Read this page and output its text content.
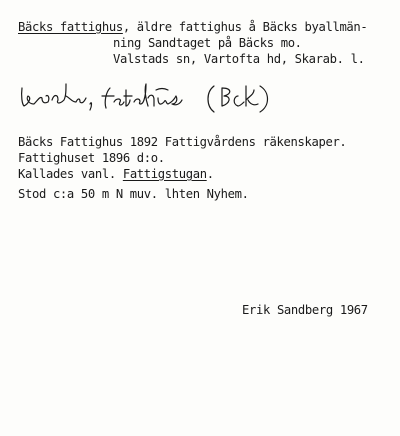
Bäcks fattighus, äldre fattighus å Bäcks byallmän-
ning Sandtaget på Bäcks mo.
Valstads sn, Vartofta hd, Skarab. l.
Bäcks Fattighus 1892 Fattigvårdens räkenskaper.
Fattighuset 1896 d:o.
Kallades vanl. Fattigstugan.
Stod c:a 50 m N muv. lhten Nyhem.
Erik Sandberg 1967
